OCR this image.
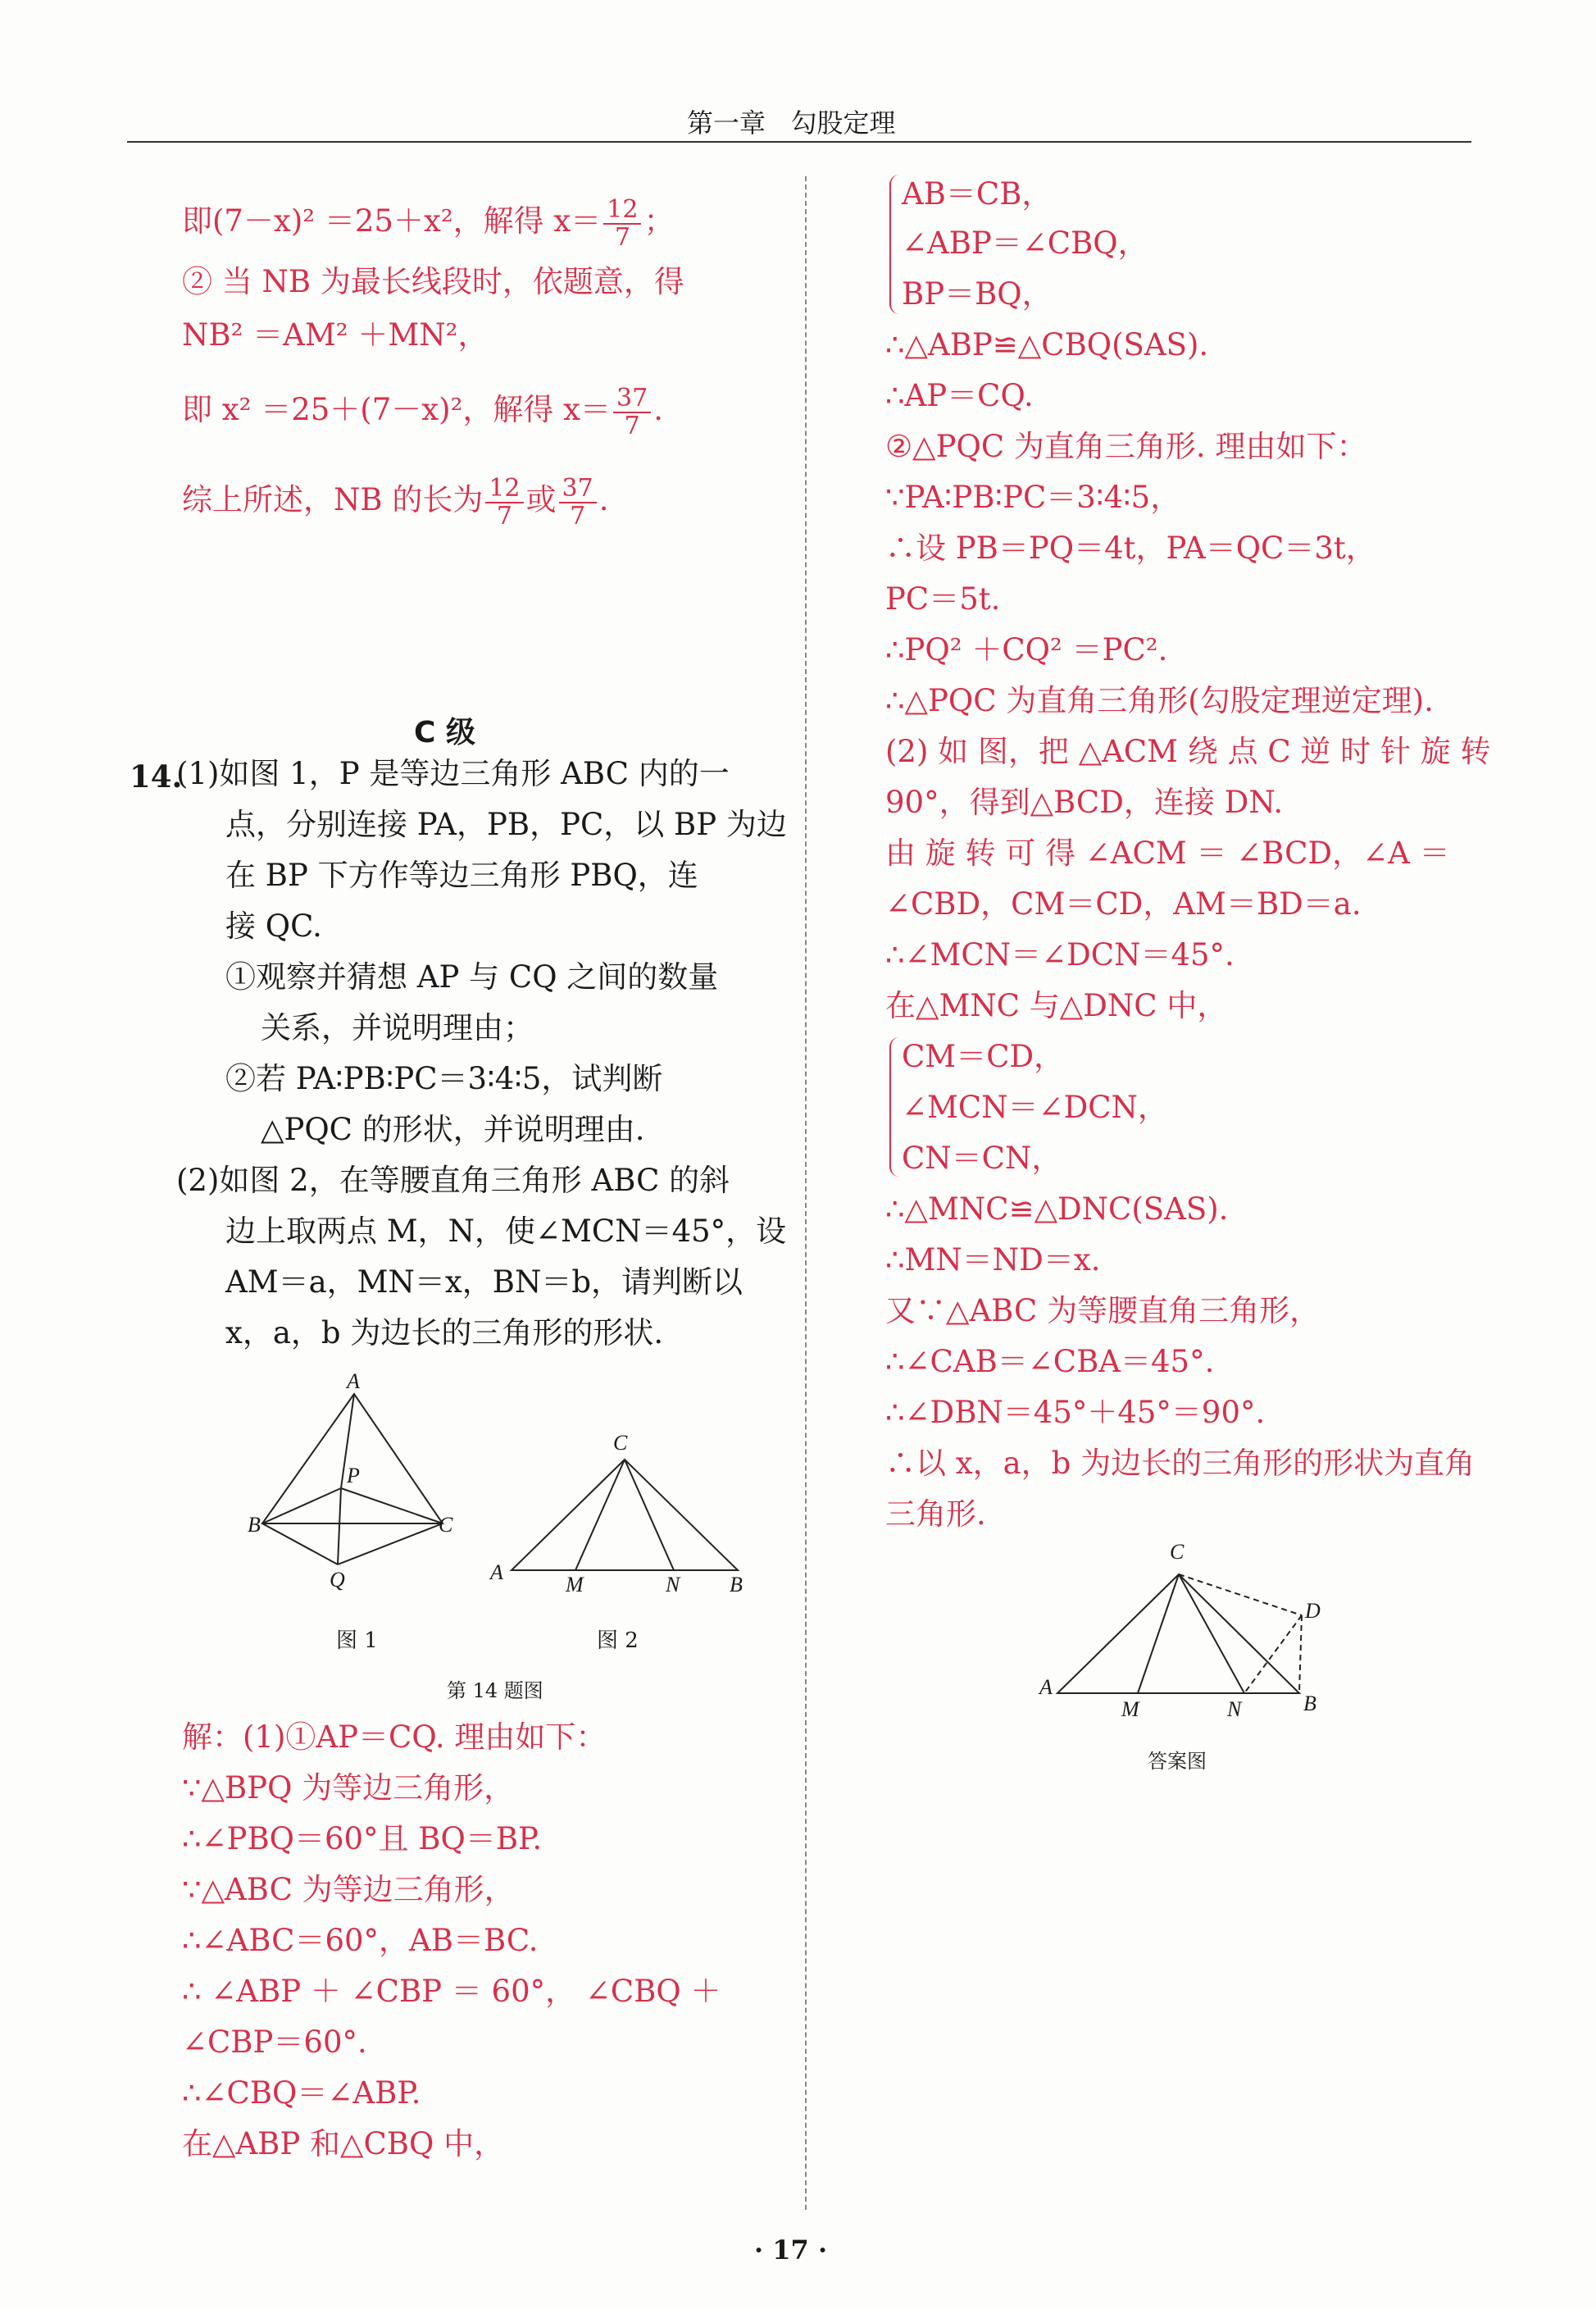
第一章   勾股定理
即(7－x)² ＝25＋x²，解得 $x= \frac{12}{7}$ ；
② 当 NB 为最长线段时，依题意，得
NB² ＝AM² ＋MN²，
即 x² ＝25＋(7－x)²，解得 $x= \frac{37}{7}$ .
综上所述，NB 的长为 $\frac{12}{7}$ 或 $\frac{37}{7}$ .
C 级
14.
(1)如图 1，P 是等边三角形 ABC 内的一
点，分别连接 PA，PB，PC，以 BP 为边
在 BP 下方作等边三角形 PBQ，连
接 QC.
①观察并猜想 AP 与 CQ 之间的数量
关系，并说明理由；
②若 PA∶PB∶PC＝3∶4∶5，试判断
△PQC 的形状，并说明理由.
(2)如图 2，在等腰直角三角形 ABC 的斜
边上取两点 M，N，使∠MCN＝45°，设
AM＝a，MN＝x，BN＝b，请判断以
x，a，b 为边长的三角形的形状.
A
P
B	C
Q
图 1
C
A
M	N B
图 2
第 14 题图
解：(1)①AP＝CQ. 理由如下：
∵△BPQ 为等边三角形，
∴∠PBQ＝60°且 BQ＝BP.
∵△ABC 为等边三角形，
∴∠ABC＝60°，AB＝BC.
∴ ∠ABP ＋ ∠CBP ＝ 60°， ∠CBQ ＋
∠CBP＝60°.
∴∠CBQ＝∠ABP.
在△ABP 和△CBQ 中，
AB＝CB，
∠ABP＝∠CBQ，
BP＝BQ，
∴△ABP≌△CBQ(SAS).
∴AP＝CQ.
②△PQC 为直角三角形. 理由如下：
∵PA∶PB∶PC＝3∶4∶5，
∴设 PB＝PQ＝4t，PA＝QC＝3t，
PC＝5t.
∴PQ² ＋CQ² ＝PC².
∴△PQC 为直角三角形(勾股定理逆定理).
(2) 如 图，把 △ACM 绕 点 C 逆 时 针 旋 转
90°，得到△BCD，连接 DN.
由 旋 转 可 得 ∠ACM ＝ ∠BCD，∠A ＝
∠CBD，CM＝CD，AM＝BD＝a.
∴∠MCN＝∠DCN＝45°.
在△MNC 与△DNC 中，
CM＝CD，
∠MCN＝∠DCN，
CN＝CN，
∴△MNC≌△DNC(SAS).
∴MN＝ND＝x.
又∵△ABC 为等腰直角三角形，
∴∠CAB＝∠CBA＝45°.
∴∠DBN＝45°＋45°＝90°.
∴以 x，a，b 为边长的三角形的形状为直角
三角形.
C
D
A
M	N	B
答案图
· 17 ·
